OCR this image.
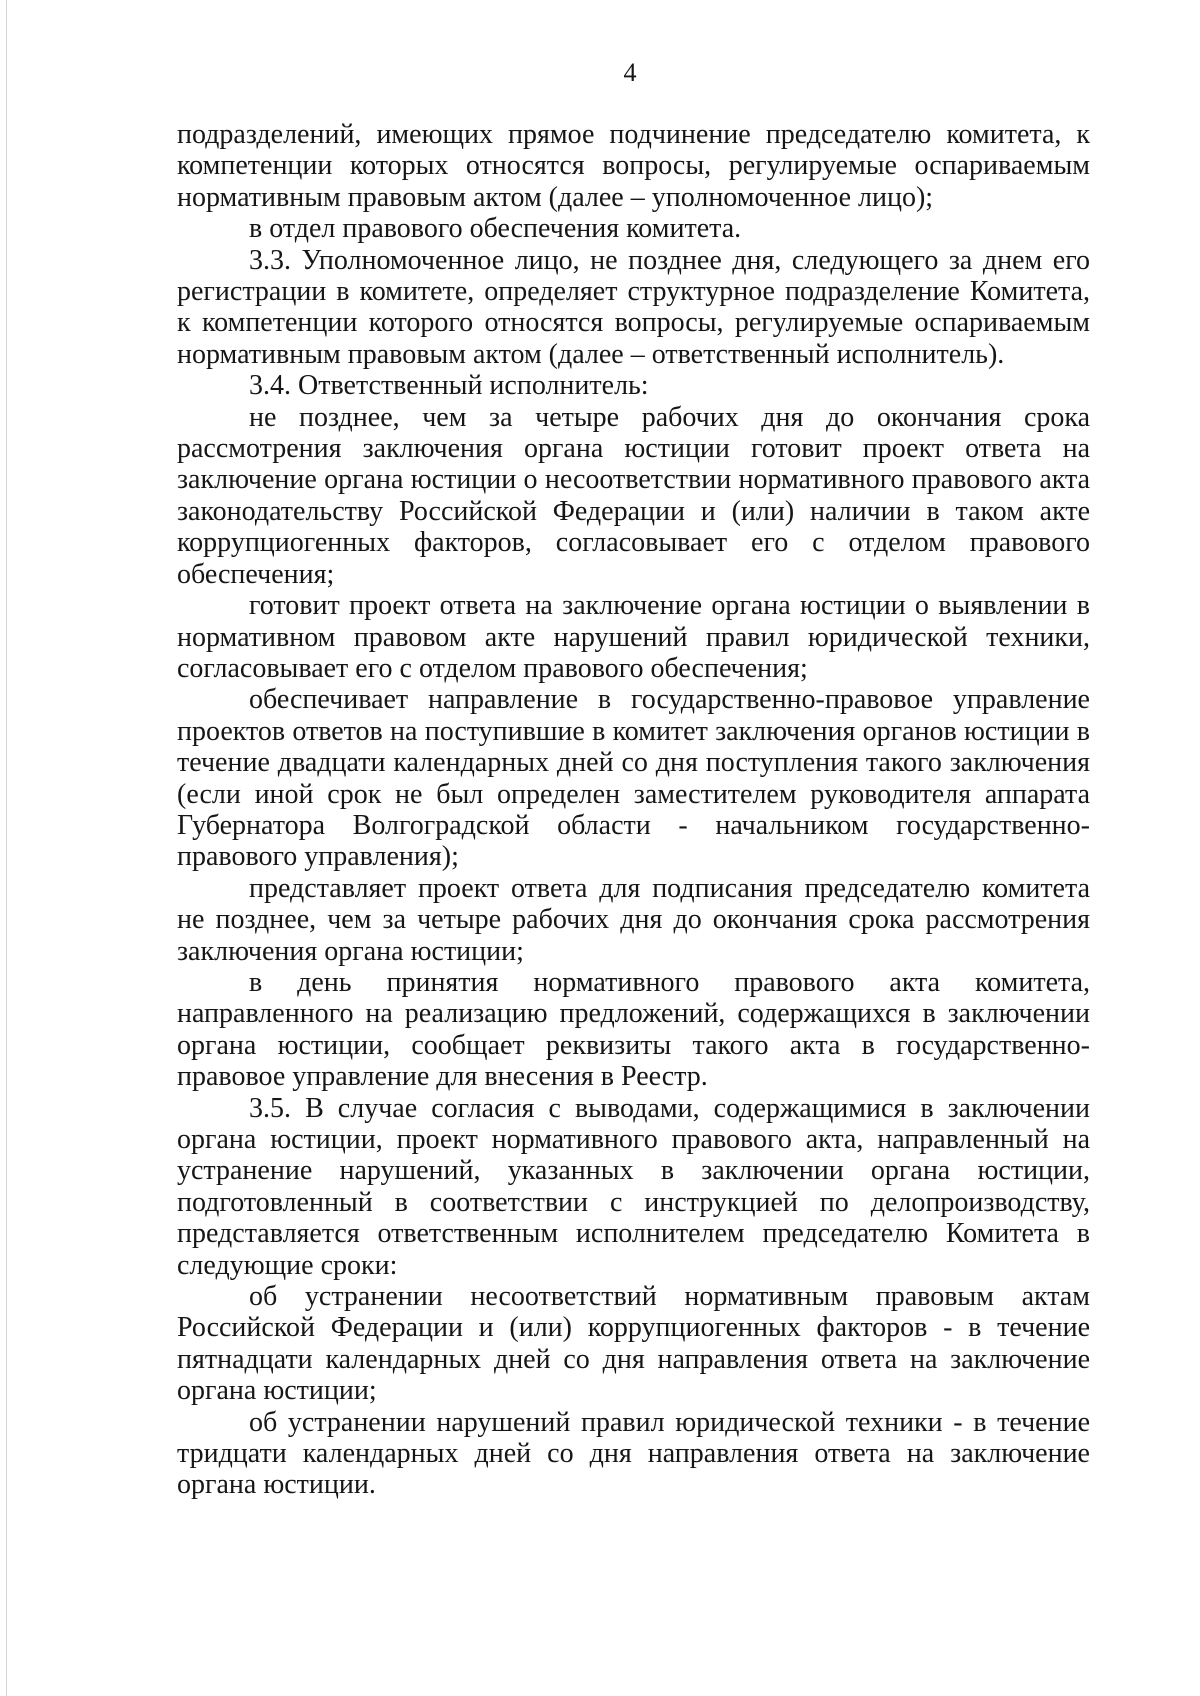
4

подразделений, имеющих прямое подчинение председателю комитета, к компетенции которых относятся вопросы, регулируемые оспариваемым нормативным правовым актом (далее – уполномоченное лицо);

в отдел правового обеспечения комитета.

3.3. Уполномоченное лицо, не позднее дня, следующего за днем его регистрации в комитете, определяет структурное подразделение Комитета, к компетенции которого относятся вопросы, регулируемые оспариваемым нормативным правовым актом (далее – ответственный исполнитель).

3.4. Ответственный исполнитель:

не позднее, чем за четыре рабочих дня до окончания срока рассмотрения заключения органа юстиции готовит проект ответа на заключение органа юстиции о несоответствии нормативного правового акта законодательству Российской Федерации и (или) наличии в таком акте коррупциогенных факторов, согласовывает его с отделом правового обеспечения;

готовит проект ответа на заключение органа юстиции о выявлении в нормативном правовом акте нарушений правил юридической техники, согласовывает его с отделом правового обеспечения;

обеспечивает направление в государственно-правовое управление проектов ответов на поступившие в комитет заключения органов юстиции в течение двадцати календарных дней со дня поступления такого заключения (если иной срок не был определен заместителем руководителя аппарата Губернатора Волгоградской области - начальником государственно-правового управления);

представляет проект ответа для подписания председателю комитета не позднее, чем за четыре рабочих дня до окончания срока рассмотрения заключения органа юстиции;

в день принятия нормативного правового акта комитета, направленного на реализацию предложений, содержащихся в заключении органа юстиции, сообщает реквизиты такого акта в государственно-правовое управление для внесения в Реестр.

3.5. В случае согласия с выводами, содержащимися в заключении органа юстиции, проект нормативного правового акта, направленный на устранение нарушений, указанных в заключении органа юстиции, подготовленный в соответствии с инструкцией по делопроизводству, представляется ответственным исполнителем председателю Комитета в следующие сроки:

об устранении несоответствий нормативным правовым актам Российской Федерации и (или) коррупциогенных факторов - в течение пятнадцати календарных дней со дня направления ответа на заключение органа юстиции;

об устранении нарушений правил юридической техники - в течение тридцати календарных дней со дня направления ответа на заключение органа юстиции.
